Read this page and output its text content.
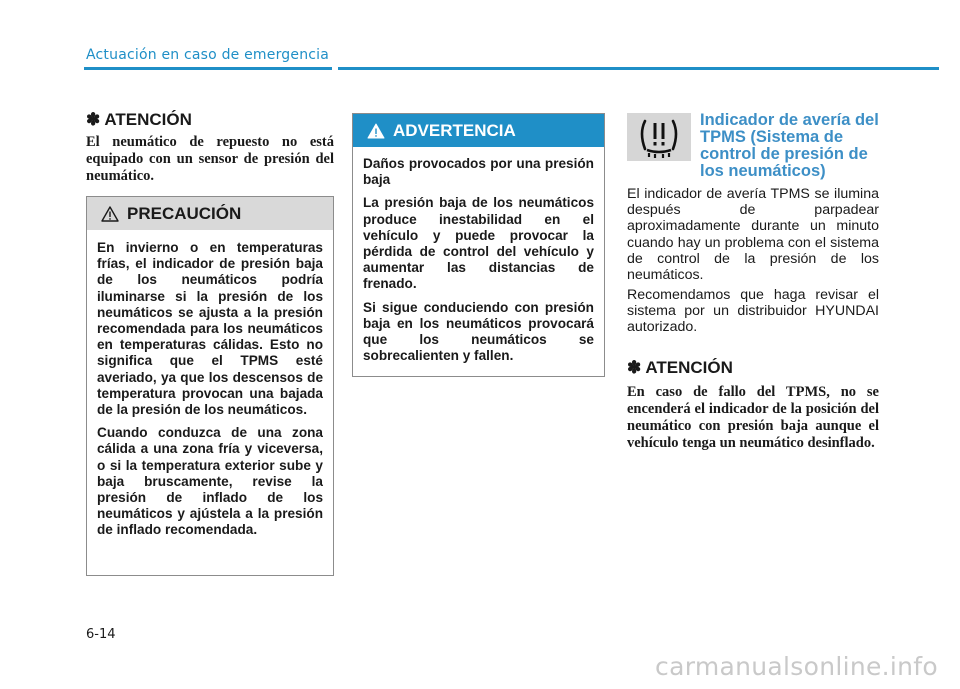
Actuación en caso de emergencia
✽ ATENCIÓN

El neumático de repuesto no está equipado con un sensor de presión del neumático.

PRECAUCIÓN

En invierno o en temperaturas frías, el indicador de presión baja de los neumáticos podría iluminarse si la presión de los neumáticos se ajusta a la presión recomendada para los neumáticos en temperaturas cálidas. Esto no significa que el TPMS esté averiado, ya que los descensos de temperatura provocan una bajada de la presión de los neumáticos.

Cuando conduzca de una zona cálida a una zona fría y viceversa, o si la temperatura exterior sube y baja bruscamente, revise la presión de inflado de los neumáticos y ajústela a la presión de inflado recomendada.

ADVERTENCIA

Daños provocados por una presión baja

La presión baja de los neumáticos produce inestabilidad en el vehículo y puede provocar la pérdida de control del vehículo y aumentar las distancias de frenado.

Si sigue conduciendo con presión baja en los neumáticos provocará que los neumáticos se sobrecalienten y fallen.

Indicador de avería del TPMS (Sistema de control de presión de los neumáticos)

El indicador de avería TPMS se ilumina después de parpadear aproximadamente durante un minuto cuando hay un problema con el sistema de control de la presión de los neumáticos.

Recomendamos que haga revisar el sistema por un distribuidor HYUNDAI autorizado.

✽ ATENCIÓN

En caso de fallo del TPMS, no se encenderá el indicador de la posición del neumático con presión baja aunque el vehículo tenga un neumático desinflado.

6-14
carmanualsonline.info
